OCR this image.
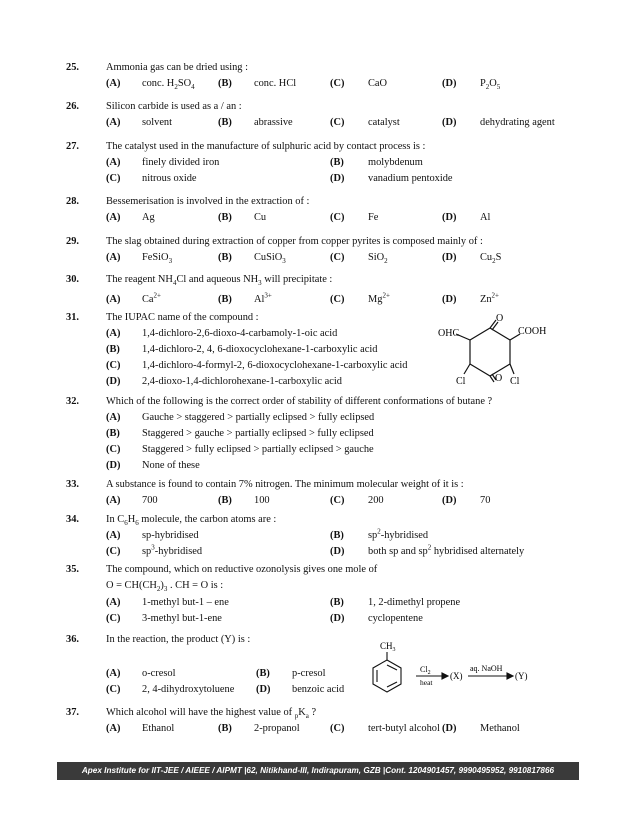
25.	Ammonia gas can be dried using :
(A) conc. $H_2SO_4$ (B) conc. HCl	(C) CaO	(D) $P_2O_5$
26.	Silicon carbide is used as a / an :
(A) solvent	(B) abrassive	(C) catalyst	(D) dehydrating agent
27.	The catalyst used in the manufacture of sulphuric acid by contact process is :
(A) finely divided iron	(B) molybdenum
(C) nitrous oxide	(D) vanadium pentoxide
28.	Bessemerisation is involved in the extraction of :
(A) Ag	(B) Cu	(C) Fe	(D) Al
29.	The slag obtained during extraction of copper from copper pyrites is composed mainly of :
(A) FeSiO$_3$	(B) CuSiO$_3$	(C) SiO$_2$	(D) $Cu_2S$
30.	The reagent $NH_4Cl$ and aqueous $NH_3$ will precipitate :
(A) $Ca^{2+}$	(B) $Al^{3+}$	(C) $Mg^{2+}$	(D) $Zn^{2+}$
31.	The IUPAC name of the compound :
(A) 1,4-dichloro-2,6-dioxo-4-carbamoly-1-oic acid
(B) 1,4-dichloro-2, 4, 6-dioxocyclohexane-1-carboxylic acid
(C) 1,4-dichloro-4-formyl-2, 6-dioxocyclohexane-1-carboxylic acid
(D) 2,4-dioxo-1,4-dichlorohexane-1-carboxylic acid
32.	Which of the following is the correct order of stability of different conformations of butane ?
(A) Gauche > staggered > partially eclipsed > fully eclipsed
(B) Staggered > gauche > partially eclipsed > fully eclipsed
(C) Staggered > fully eclipsed > partially eclipsed > gauche
(D) None of these
33.	A substance is found to contain 7% nitrogen. The minimum molecular weight of it is :
(A) 700	(B) 100	(C) 200	(D) 70
34.	In $C_6H_6$ molecule, the carbon atoms are :
(A) sp-hybridised	(B) $sp^2$-hybridised
(C) $sp^3$-hybridised	(D) both sp and $sp^2$ hybridised alternately
35.	The compound, which on reductive ozonolysis gives one mole of
$O = CH(CH_2)_3$ . CH = O is :
(A) 1-methyl but-1 – ene	(B) 1, 2-dimethyl propene
(C) 3-methyl but-1-ene	(D) cyclopentene
36.	In the reaction, the product (Y) is :
(A) o-cresol	(B) p-cresol
(C) 2, 4-dihydroxytoluene (D) benzoic acid
37.	Which alcohol will have the highest value of $_pK_a$ ?
(A) Ethanol	(B) 2-propanol	(C) tert-butyl alcohol (D) Methanol
OHC
O
COOH
Cl	Cl
O
$CH_3$
$Cl_2$
heat
(X)
aq. NaOH
(Y)
Apex Institute for IIT-JEE / AIEEE / AIPMT |62, Nitikhand-III, Indirapuram, GZB |Cont. 1204901457, 9990495952, 9910817866
